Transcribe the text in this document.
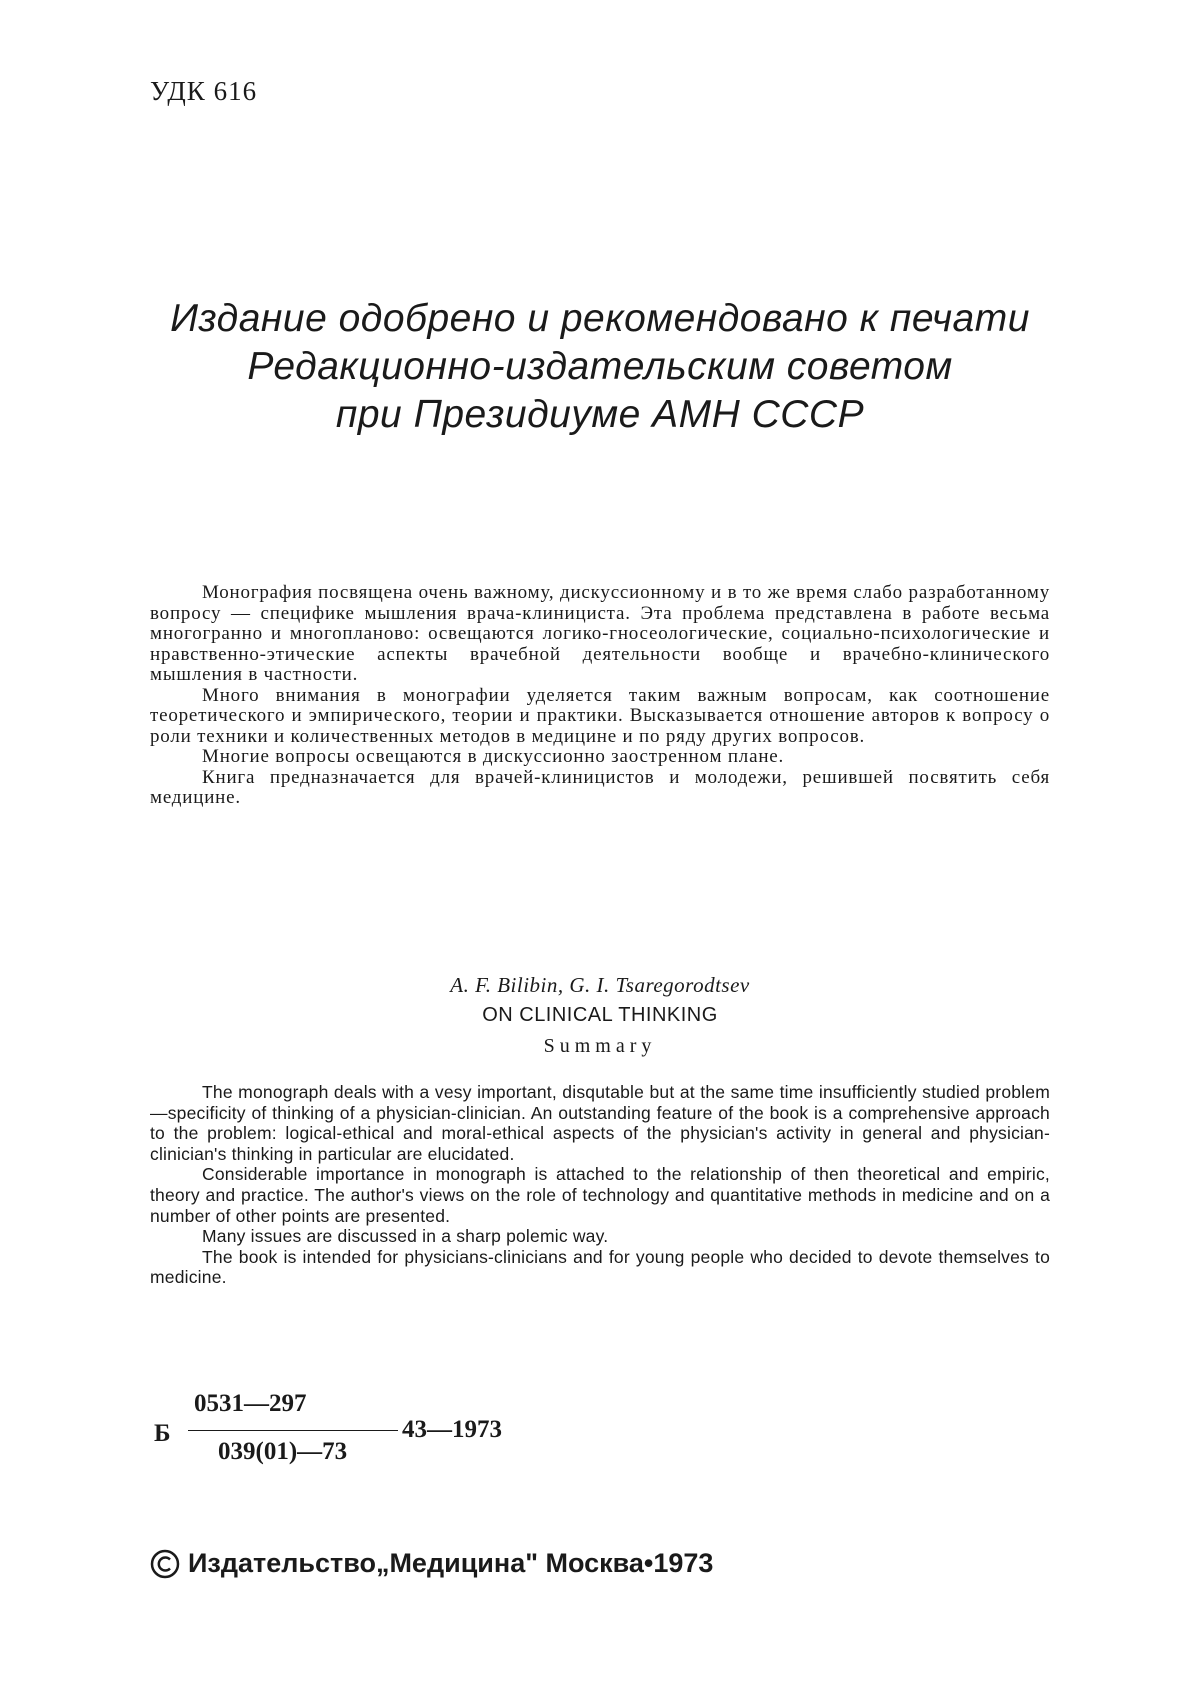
УДК 616
Издание одобрено и рекомендовано к печати
Редакционно-издательским советом
при Президиуме АМН СССР

Монография посвящена очень важному, дискуссионному и в то же время слабо разработанному вопросу — специфике мышления врача-клинициста. Эта проблема представлена в работе весьма многогранно и многопланово: освещаются логико-гносеологические, социально-психологические и нравственно-этические аспекты врачебной деятельности вообще и врачебно-клинического мышления в частности.

Много внимания в монографии уделяется таким важным вопросам, как соотношение теоретического и эмпирического, теории и практики. Высказывается отношение авторов к вопросу о роли техники и количественных методов в медицине и по ряду других вопросов.

Многие вопросы освещаются в дискуссионно заостренном плане.

Книга предназначается для врачей-клиницистов и молодежи, решившей посвятить себя медицине.

A. F. Bilibin, G. I. Tsaregorodtsev
ON CLINICAL THINKING
Summary

The monograph deals with a vesy important, disqutable but at the same time insufficiently studied problem—specificity of thinking of a physician-clinician. An outstanding feature of the book is a comprehensive approach to the problem: logical-ethical and moral-ethical aspects of the physician's activity in general and physician-clinician's thinking in particular are elucidated.

Considerable importance in monograph is attached to the relationship of then theoretical and empiric, theory and practice. The author's views on the role of technology and quantitative methods in medicine and on a number of other points are presented.

Many issues are discussed in a sharp polemic way.

The book is intended for physicians-clinicians and for young people who decided to devote themselves to medicine.

Б
0531—297
039(01)—73
43—1973
Издательство„Медицина" Москва•1973
